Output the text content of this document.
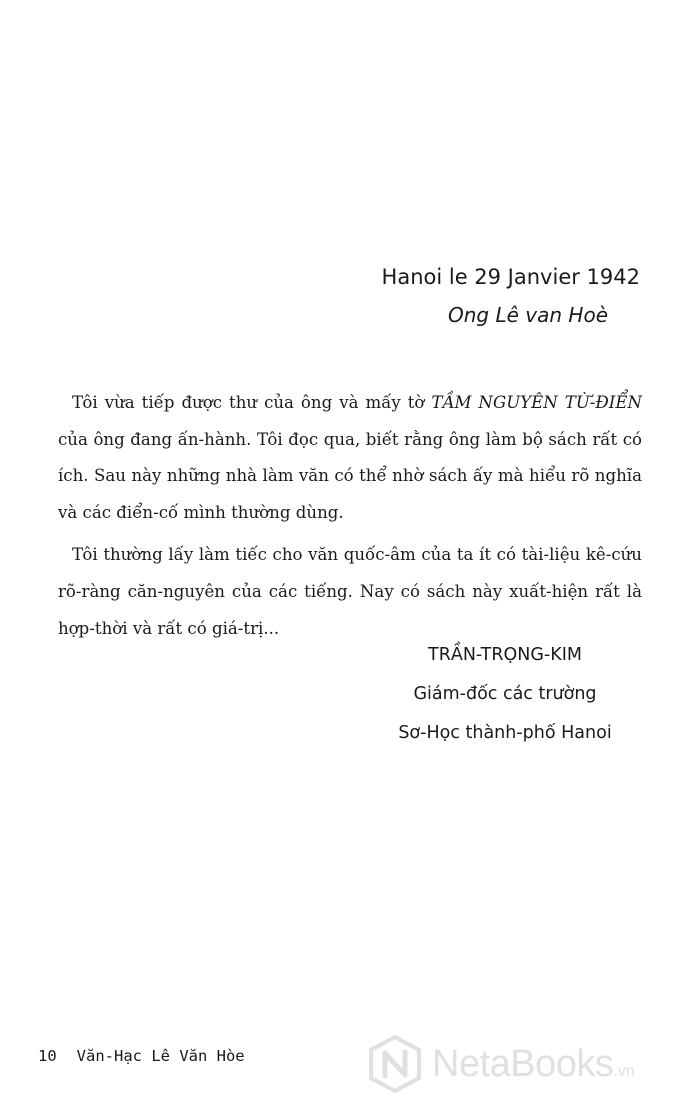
Hanoi le 29 Janvier 1942
Ong Lê van Hoè

Tôi vừa tiếp được thư của ông và mấy tờ TẦM NGUYÊN TỪ-ĐIỂN của ông đang ấn-hành. Tôi đọc qua, biết rằng ông làm bộ sách rất có ích. Sau này những nhà làm văn có thể nhờ sách ấy mà hiểu rõ nghĩa và các điển-cố mình thường dùng.

Tôi thường lấy làm tiếc cho văn quốc-âm của ta ít có tài-liệu kê-cứu rõ-ràng căn-nguyên của các tiếng. Nay có sách này xuất-hiện rất là hợp-thời và rất có giá-trị...

TRẦN-TRỌNG-KIM
Giám-đốc các trường
Sơ-Học thành-phố Hanoi
10 Văn-Hạc Lê Văn Hòe	NetaBooks.vn
